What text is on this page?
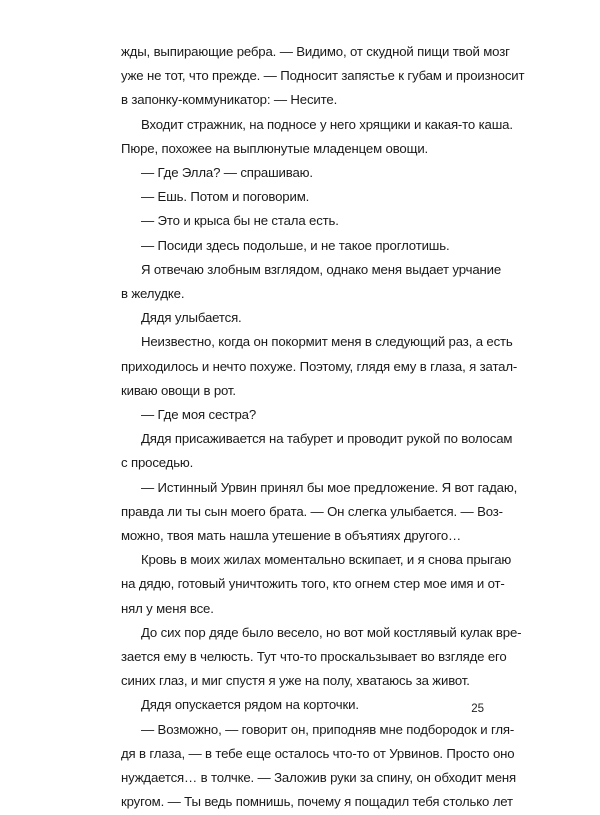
жды, выпирающие ребра. — Видимо, от скудной пищи твой мозг
уже не тот, что прежде. — Подносит запястье к губам и произносит
в запонку-коммуникатор: — Несите.
Входит стражник, на подносе у него хрящики и какая-то каша.
Пюре, похожее на выплюнутые младенцем овощи.
— Где Элла? — спрашиваю.
— Ешь. Потом и поговорим.
— Это и крыса бы не стала есть.
— Посиди здесь подольше, и не такое проглотишь.
Я отвечаю злобным взглядом, однако меня выдает урчание
в желудке.
Дядя улыбается.
Неизвестно, когда он покормит меня в следующий раз, а есть
приходилось и нечто похуже. Поэтому, глядя ему в глаза, я затал-
киваю овощи в рот.
— Где моя сестра?
Дядя присаживается на табурет и проводит рукой по волосам
с проседью.
— Истинный Урвин принял бы мое предложение. Я вот гадаю,
правда ли ты сын моего брата. — Он слегка улыбается. — Воз-
можно, твоя мать нашла утешение в объятиях другого…
Кровь в моих жилах моментально вскипает, и я снова прыгаю
на дядю, готовый уничтожить того, кто огнем стер мое имя и от-
нял у меня все.
До сих пор дяде было весело, но вот мой костлявый кулак вре-
зается ему в челюсть. Тут что-то проскальзывает во взгляде его
синих глаз, и миг спустя я уже на полу, хватаюсь за живот.
Дядя опускается рядом на корточки.
— Возможно, — говорит он, приподняв мне подбородок и гля-
дя в глаза, — в тебе еще осталось что-то от Урвинов. Просто оно
нуждается… в толчке. — Заложив руки за спину, он обходит меня
кругом. — Ты ведь помнишь, почему я пощадил тебя столько лет
25
